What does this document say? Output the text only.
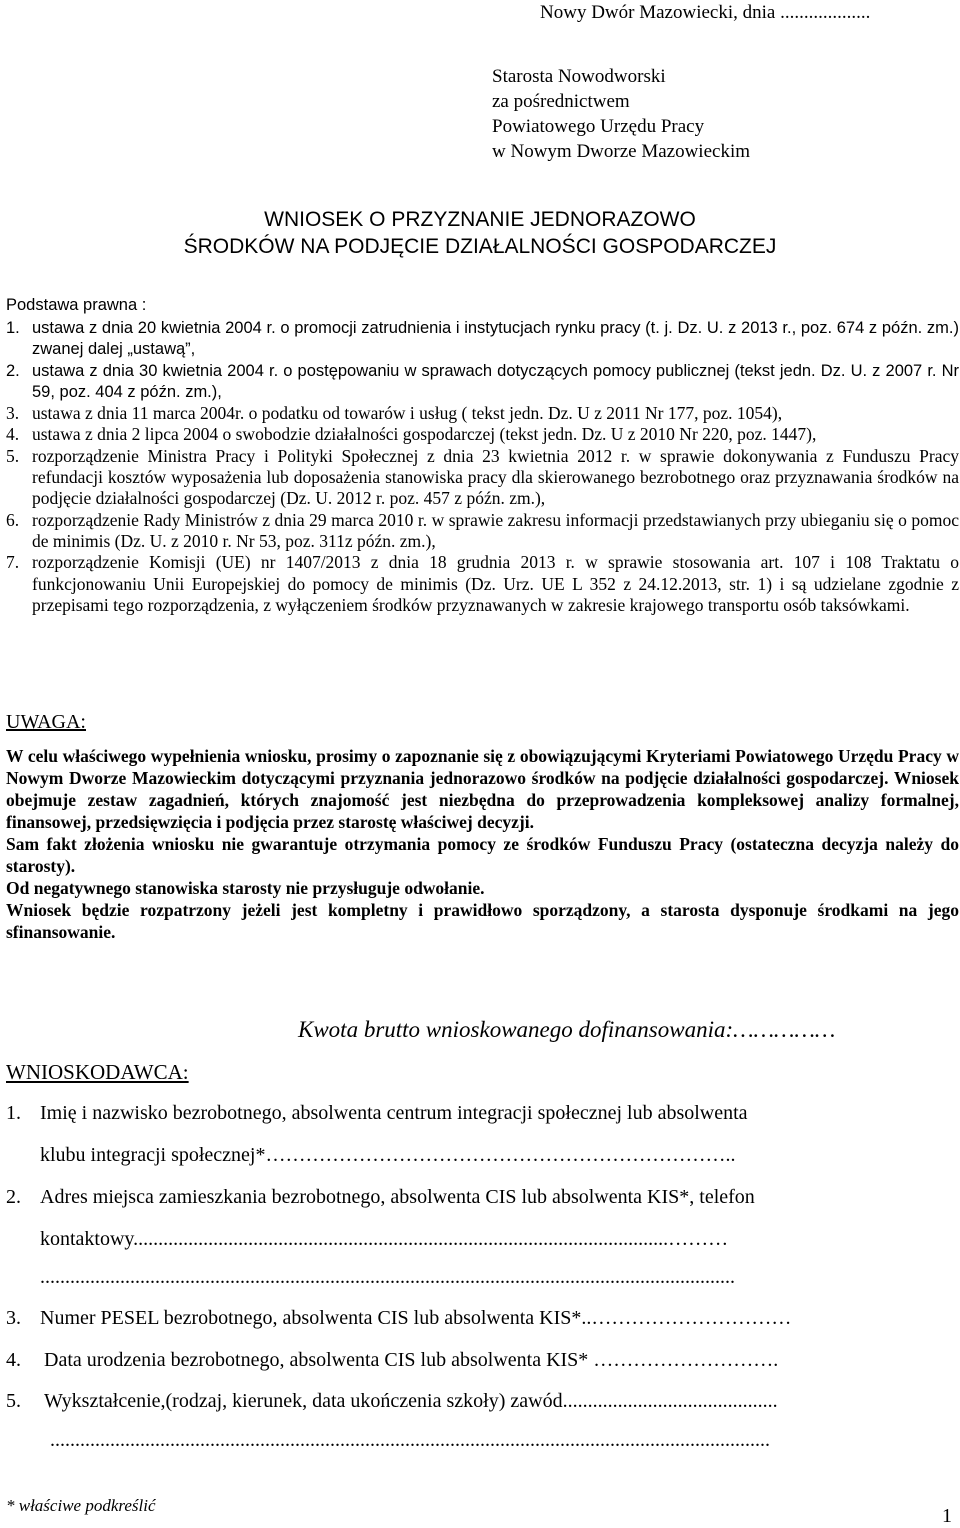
Nowy Dwór Mazowiecki, dnia ...................
Starosta Nowodworski
za pośrednictwem
Powiatowego Urzędu Pracy
w Nowym Dworze Mazowieckim
WNIOSEK O PRZYZNANIE JEDNORAZOWO
ŚRODKÓW NA PODJĘCIE DZIAŁALNOŚCI GOSPODARCZEJ
Podstawa prawna :
1. ustawa z dnia 20 kwietnia 2004 r. o promocji zatrudnienia i instytucjach rynku pracy (t. j. Dz. U. z 2013 r., poz. 674 z późn. zm.) zwanej dalej „ustawą”,
2. ustawa z dnia 30 kwietnia 2004 r. o postępowaniu w sprawach dotyczących pomocy publicznej (tekst jedn. Dz. U. z 2007 r. Nr 59, poz. 404 z późn. zm.),
3. ustawa z dnia 11 marca 2004r. o podatku od towarów i usług ( tekst jedn. Dz. U z 2011 Nr 177, poz. 1054),
4. ustawa z dnia 2 lipca 2004 o swobodzie działalności gospodarczej (tekst jedn. Dz. U z 2010 Nr 220, poz. 1447),
5. rozporządzenie Ministra Pracy i Polityki Społecznej z dnia 23 kwietnia 2012 r. w sprawie dokonywania z Funduszu Pracy refundacji kosztów wyposażenia lub doposażenia stanowiska pracy dla skierowanego bezrobotnego oraz przyznawania środków na podjęcie działalności gospodarczej (Dz. U. 2012 r. poz. 457 z późn. zm.),
6. rozporządzenie Rady Ministrów z dnia 29 marca 2010 r. w sprawie zakresu informacji przedstawianych przy ubieganiu się o pomoc de minimis (Dz. U. z 2010 r. Nr 53, poz. 311z późn. zm.),
7. rozporządzenie Komisji (UE) nr 1407/2013 z dnia 18 grudnia 2013 r. w sprawie stosowania art. 107 i 108 Traktatu o funkcjonowaniu Unii Europejskiej do pomocy de minimis (Dz. Urz. UE L 352 z 24.12.2013, str. 1) i są udzielane zgodnie z przepisami tego rozporządzenia, z wyłączeniem środków przyznawanych w zakresie krajowego transportu osób taksówkami.
UWAGA:

W celu właściwego wypełnienia wniosku, prosimy o zapoznanie się z obowiązującymi Kryteriami Powiatowego Urzędu Pracy w Nowym Dworze Mazowieckim dotyczącymi przyznania jednorazowo środków na podjęcie działalności gospodarczej. Wniosek obejmuje zestaw zagadnień, których znajomość jest niezbędna do przeprowadzenia kompleksowej analizy formalnej, finansowej, przedsięwzięcia i podjęcia przez starostę właściwej decyzji.

Sam fakt złożenia wniosku nie gwarantuje otrzymania pomocy ze środków Funduszu Pracy (ostateczna decyzja należy do starosty).

Od negatywnego stanowiska starosty nie przysługuje odwołanie.

Wniosek będzie rozpatrzony jeżeli jest kompletny i prawidłowo sporządzony, a starosta dysponuje środkami na jego sfinansowanie.

Kwota brutto wnioskowanego dofinansowania:……………
WNIOSKODAWCA:
1. Imię i nazwisko bezrobotnego, absolwenta centrum integracji społecznej lub absolwenta
klubu integracji społecznej*……………………………………………………………..
2. Adres miejsca zamieszkania bezrobotnego, absolwenta CIS lub absolwenta KIS*, telefon
kontaktowy...........................................................................................................………
...........................................................................................................................................
3. Numer PESEL bezrobotnego, absolwenta CIS lub absolwenta KIS*..…………………………
4. Data urodzenia bezrobotnego, absolwenta CIS lub absolwenta KIS* ……………………….
5. Wykształcenie,(rodzaj, kierunek, data ukończenia szkoły) zawód...........................................
................................................................................................................................................
* właściwe podkreślić	1
